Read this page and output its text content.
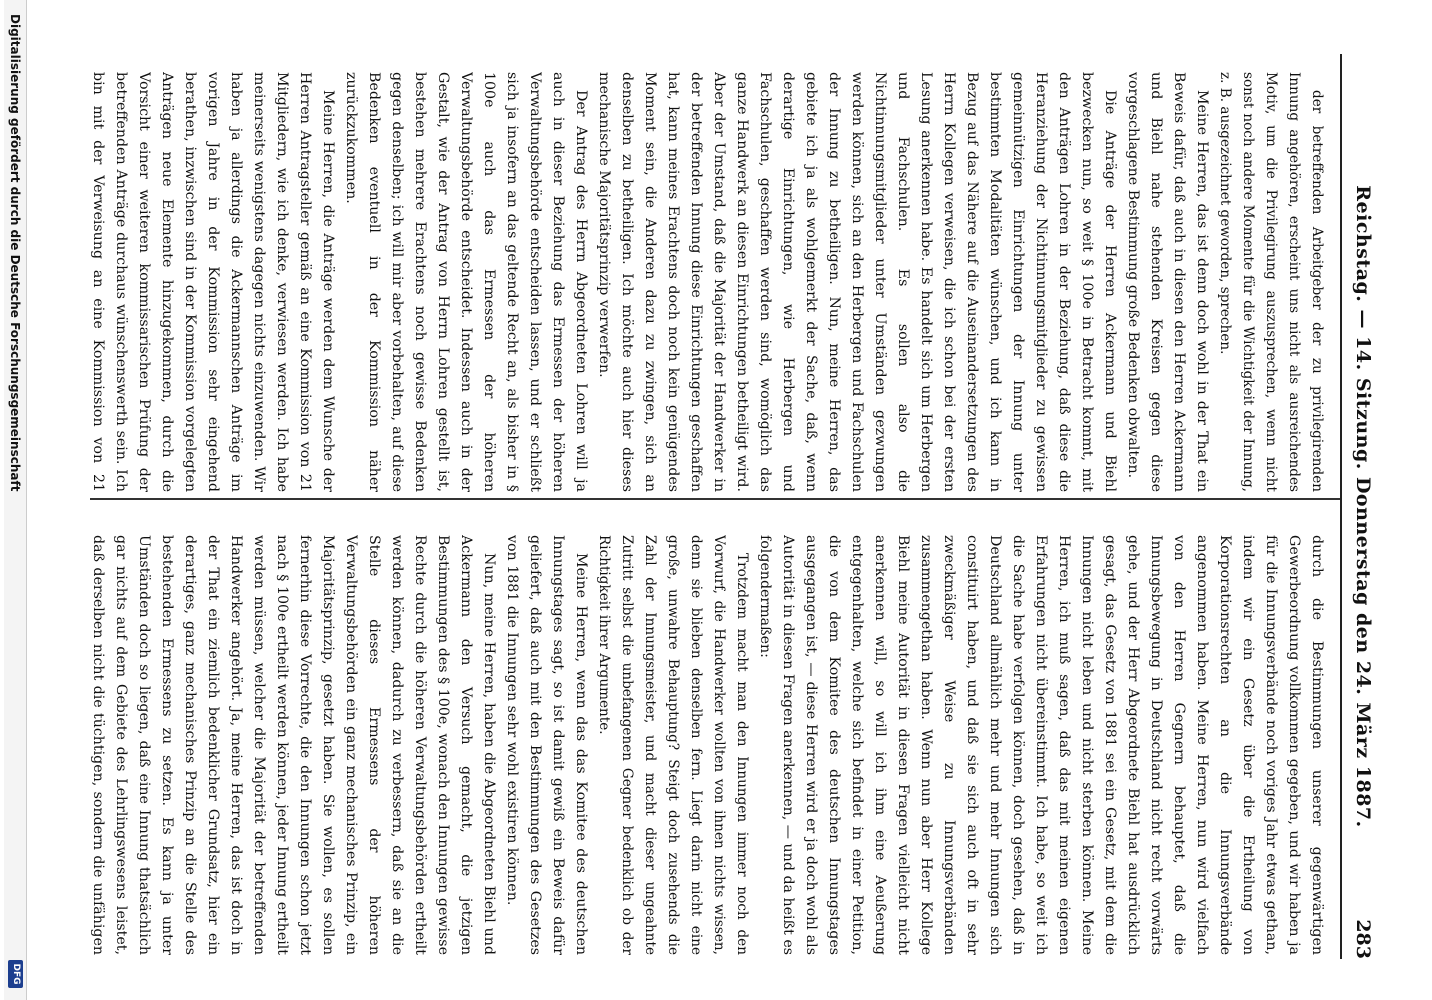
Reichstag. — 14. Sitzung. Donnerstag den 24. März 1887.
283

durch die Bestimmungen unserer gegenwärtigen Gewerbeordnung vollkommen gegeben, und wir haben ja für die Innungsverbände noch voriges Jahr etwas gethan, indem wir ein Gesetz über die Ertheilung von Korporationsrechten an die Innungsverbände angenommen haben. Meine Herren, nun wird vielfach von den Herren Gegnern behauptet, daß die Innungsbewegung in Deutschland nicht recht vorwärts gehe, und der Herr Abgeordnete Biehl hat ausdrücklich gesagt, das Gesetz von 1881 sei ein Gesetz, mit dem die Innungen nicht leben und nicht sterben können. Meine Herren, ich muß sagen, daß das mit meinen eigenen Erfahrungen nicht übereinstimmt. Ich habe, so weit ich die Sache habe verfolgen können, doch gesehen, daß in Deutschland allmählich mehr und mehr Innungen sich constituirt haben, und daß sie sich auch oft in sehr zweckmäßiger Weise zu Innungsverbänden zusammengethan haben. Wenn nun aber Herr Kollege Biehl meine Autorität in diesen Fragen vielleicht nicht anerkennen will, so will ich ihm eine Aeußerung entgegenhalten, welche sich befindet in einer Petition, die von dem Komitee des deutschen Innungstages ausgegangen ist, — diese Herren wird er ja doch wohl als Autorität in diesen Fragen anerkennen, — und da heißt es folgendermaßen:

Trotzdem macht man den Innungen immer noch den Vorwurf, die Handwerker wollten von ihnen nichts wissen, denn sie blieben denselben fern. Liegt darin nicht eine große, unwahre Behauptung? Steigt doch zusehends die Zahl der Innungsmeister, und macht dieser ungeahnte Zutritt selbst die unbefangenen Gegner bedenklich ob der Richtigkeit ihrer Argumente.

Meine Herren, wenn das das Komitee des deutschen Innungstages sagt, so ist damit gewiß ein Beweis dafür geliefert, daß auch mit den Bestimmungen des Gesetzes von 1881 die Innungen sehr wohl existiren können.

Nun, meine Herren, haben die Abgeordneten Biehl und Ackermann den Versuch gemacht, die jetzigen Bestimmungen des § 100e, wonach den Innungen gewisse Rechte durch die höheren Verwaltungsbehörden ertheilt werden können, dadurch zu verbessern, daß sie an die Stelle dieses Ermessens der höheren Verwaltungsbehörden ein ganz mechanisches Prinzip, ein Majoritätsprinzip, gesetzt haben. Sie wollen, es sollen fernerhin diese Vorrechte, die den Innungen schon jetzt nach § 100e ertheilt werden können, jeder Innung ertheilt werden müssen, welcher die Majorität der betreffenden Handwerker angehört. Ja, meine Herren, das ist doch in der That ein ziemlich bedenklicher Grundsatz, hier ein derartiges, ganz mechanisches Prinzip an die Stelle des bestehenden Ermessens zu setzen. Es kann ja unter Umständen doch so liegen, daß eine Innung thatsächlich gar nichts auf dem Gebiete des Lehrlingswesens leistet, daß derselben nicht die tüchtigen, sondern die unfähigen

der betreffenden Arbeitgeber der zu privilegirenden Innung angehören, erscheint uns nicht als ausreichendes Motiv, um die Privilegirung auszusprechen, wenn nicht sonst noch andere Momente für die Wichtigkeit der Innung, z. B. ausgezeichnet geworden, sprechen.

Meine Herren, das ist denn doch wohl in der That ein Beweis dafür, daß auch in diesen den Herren Ackermann und Biehl nahe stehenden Kreisen gegen diese vorgeschlagene Bestimmung große Bedenken obwalten.

Die Anträge der Herren Ackermann und Biehl bezwecken nun, so weit § 100e in Betracht kommt, mit den Anträgen Lohren in der Beziehung, daß diese die Heranziehung der Nichtinnungsmitglieder zu gewissen gemeinnützigen Einrichtungen der Innung unter bestimmten Modalitäten wünschen, und ich kann in Bezug auf das Nähere auf die Auseinandersetzungen des Herrn Kollegen verweisen, die ich schon bei der ersten Lesung anerkennen habe. Es handelt sich um Herbergen und Fachschulen. Es sollen also die Nichtinnungsmitglieder unter Umständen gezwungen werden können, sich an den Herbergen und Fachschulen der Innung zu betheiligen. Nun, meine Herren, das gebiete ich ja als wohlgemerkt der Sache, daß, wenn derartige Einrichtungen, wie Herbergen und Fachschulen, geschaffen werden sind, womöglich das ganze Handwerk an diesen Einrichtungen betheiligt wird. Aber der Umstand, daß die Majorität der Handwerker in der betreffenden Innung diese Einrichtungen geschaffen hat, kann meines Erachtens doch noch kein genügendes Moment sein, die Anderen dazu zu zwingen, sich an denselben zu betheiligen. Ich möchte auch hier dieses mechanische Majoritätsprinzip verwerfen.

Der Antrag des Herrn Abgeordneten Lohren will ja auch in dieser Beziehung das Ermessen der höheren Verwaltungsbehörde entscheiden lassen, und er schließt sich ja insofern an das geltende Recht an, als bisher in § 100e auch das Ermessen der höheren Verwaltungsbehörde entscheidet. Indessen auch in der Gestalt, wie der Antrag von Herrn Lohren gestellt ist, bestehen mehrere Erachtens noch gewisse Bedenken gegen denselben; ich will mir aber vorbehalten, auf diese Bedenken eventuell in der Kommission näher zurückzukommen.

Meine Herren, die Anträge werden dem Wunsche der Herren Antragsteller gemäß an eine Kommission von 21 Mitgliedern, wie ich denke, verwiesen werden. Ich habe meinerseits wenigstens dagegen nichts einzuwenden. Wir haben ja allerdings die Ackermannschen Anträge im vorigen Jahre in der Kommission sehr eingehend berathen, inzwischen sind in der Kommission vorgelegten Anträgen neue Elemente hinzugekommen, durch die Vorsicht einer weiteren kommissarischen Prüfung der betreffenden Anträge durchaus wünschenswerth sein. Ich bin mit der Verweisung an eine Kommission von 21

Digitalisierung gefördert durch die Deutsche Forschungsgemeinschaft
DFG
